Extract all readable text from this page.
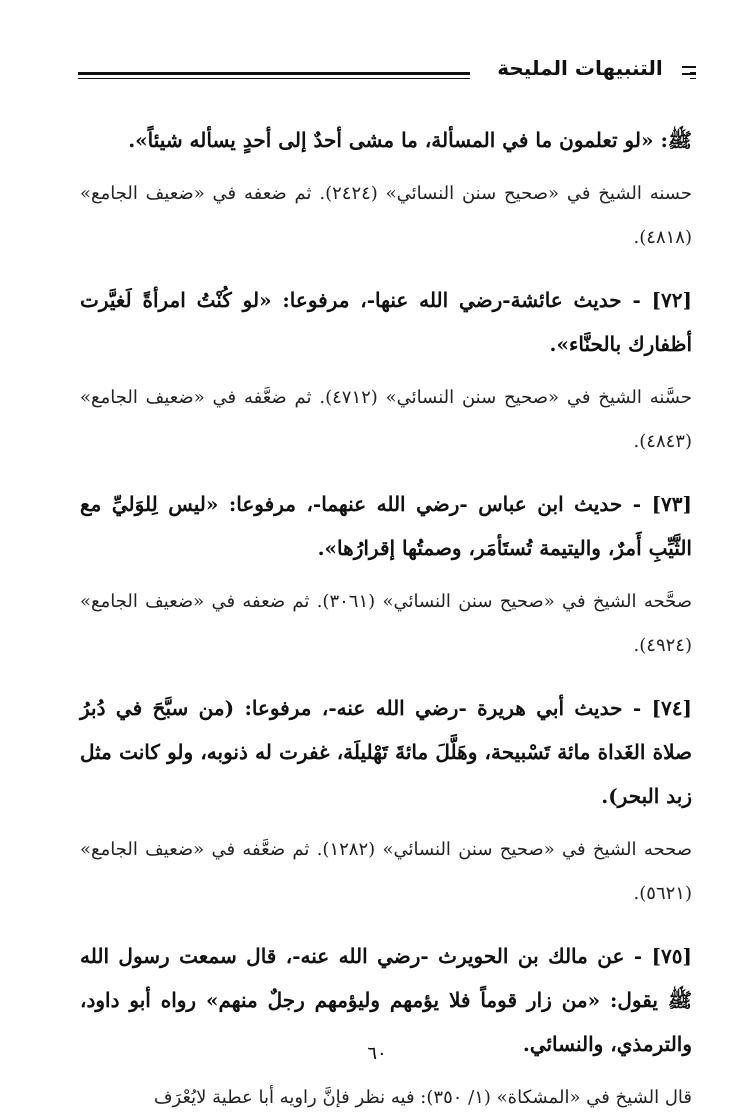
التنبيهات المليحة

ﷺ: «لو تعلمون ما في المسألة، ما مشى أحدٌ إلى أحدٍ يسأله شيئاً».

حسنه الشيخ في «صحيح سنن النسائي» (٢٤٢٤). ثم ضعفه في «ضعيف الجامع» (٤٨١٨).

[٧٢] - حديث عائشة-رضي الله عنها-، مرفوعا: «لو كُنْتُ امرأةً لَغيَّرت أظفارك بالحنَّاء».

حسَّنه الشيخ في «صحيح سنن النسائي» (٤٧١٢). ثم ضعَّفه في «ضعيف الجامع» (٤٨٤٣).

[٧٣] - حديث ابن عباس -رضي الله عنهما-، مرفوعا: «ليس لِلوَليِّ مع الثَّيِّبِ أَمرٌ، واليتيمة تُستَأمَر، وصمتُها إقرارُها».

صحَّحه الشيخ في «صحيح سنن النسائي» (٣٠٦١). ثم ضعفه في «ضعيف الجامع» (٤٩٢٤).

[٧٤] - حديث أبي هريرة -رضي الله عنه-، مرفوعا: (من سبَّحَ في دُبرُ صلاة الغَداة مائة تَسْبيحة، وهَلَّلَ مائةَ تَهْليلَة، غفرت له ذنوبه، ولو كانت مثل زبد البحر).

صححه الشيخ في «صحيح سنن النسائي» (١٢٨٢). ثم ضعَّفه في «ضعيف الجامع» (٥٦٢١).

[٧٥] - عن مالك بن الحويرث -رضي الله عنه-، قال سمعت رسول الله ﷺ يقول: «من زار قوماً فلا يؤمهم وليؤمهم رجلٌ منهم» رواه أبو داود، والترمذي، والنسائي.

قال الشيخ في «المشكاة» (١/ ٣٥٠): فيه نظر فإنَّ راويه أبا عطية لايُعْرَف

٦٠
